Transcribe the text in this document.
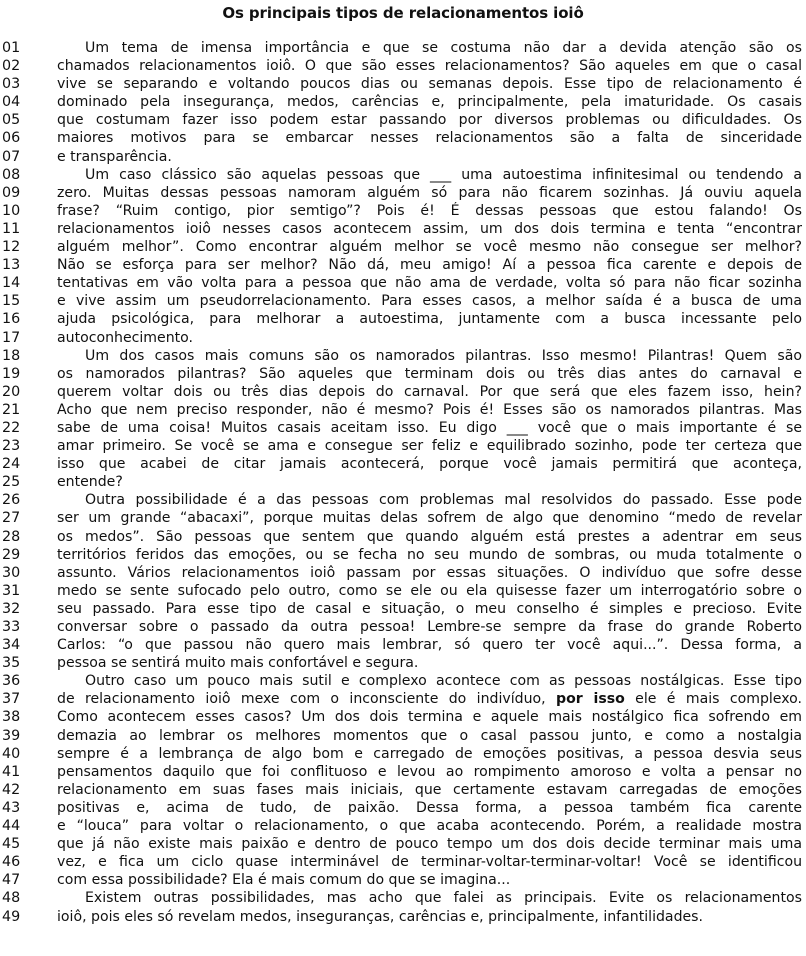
Os principais tipos de relacionamentos ioiô
01	Um tema de imensa importância e que se costuma não dar a devida atenção são os
02	chamados relacionamentos ioiô. O que são esses relacionamentos? São aqueles em que o casal
03	vive se separando e voltando poucos dias ou semanas depois. Esse tipo de relacionamento é
04	dominado pela insegurança, medos, carências e, principalmente, pela imaturidade. Os casais
05	que costumam fazer isso podem estar passando por diversos problemas ou dificuldades. Os
06	maiores motivos para se embarcar nesses relacionamentos são a falta de sinceridade
07	e transparência.
08	Um caso clássico são aquelas pessoas que ___ uma autoestima infinitesimal ou tendendo a
09	zero. Muitas dessas pessoas namoram alguém só para não ficarem sozinhas. Já ouviu aquela
10	frase? “Ruim contigo, pior semtigo”? Pois é! É dessas pessoas que estou falando! Os
11	relacionamentos ioiô nesses casos acontecem assim, um dos dois termina e tenta “encontrar
12	alguém melhor”. Como encontrar alguém melhor se você mesmo não consegue ser melhor?
13	Não se esforça para ser melhor? Não dá, meu amigo! Aí a pessoa fica carente e depois de
14	tentativas em vão volta para a pessoa que não ama de verdade, volta só para não ficar sozinha
15	e vive assim um pseudorrelacionamento. Para esses casos, a melhor saída é a busca de uma
16	ajuda psicológica, para melhorar a autoestima, juntamente com a busca incessante pelo
17	autoconhecimento.
18	Um dos casos mais comuns são os namorados pilantras. Isso mesmo! Pilantras! Quem são
19	os namorados pilantras? São aqueles que terminam dois ou três dias antes do carnaval e
20	querem voltar dois ou três dias depois do carnaval. Por que será que eles fazem isso, hein?
21	Acho que nem preciso responder, não é mesmo? Pois é! Esses são os namorados pilantras. Mas
22	sabe de uma coisa! Muitos casais aceitam isso. Eu digo ___ você que o mais importante é se
23	amar primeiro. Se você se ama e consegue ser feliz e equilibrado sozinho, pode ter certeza que
24	isso que acabei de citar jamais acontecerá, porque você jamais permitirá que aconteça,
25	entende?
26	Outra possibilidade é a das pessoas com problemas mal resolvidos do passado. Esse pode
27	ser um grande “abacaxi”, porque muitas delas sofrem de algo que denomino “medo de revelar
28	os medos”. São pessoas que sentem que quando alguém está prestes a adentrar em seus
29	territórios feridos das emoções, ou se fecha no seu mundo de sombras, ou muda totalmente o
30	assunto. Vários relacionamentos ioiô passam por essas situações. O indivíduo que sofre desse
31	medo se sente sufocado pelo outro, como se ele ou ela quisesse fazer um interrogatório sobre o
32	seu passado. Para esse tipo de casal e situação, o meu conselho é simples e precioso. Evite
33	conversar sobre o passado da outra pessoa! Lembre-se sempre da frase do grande Roberto
34	Carlos: “o que passou não quero mais lembrar, só quero ter você aqui...”. Dessa forma, a
35	pessoa se sentirá muito mais confortável e segura.
36	Outro caso um pouco mais sutil e complexo acontece com as pessoas nostálgicas. Esse tipo
37	de relacionamento ioiô mexe com o inconsciente do indivíduo, por isso ele é mais complexo.
38	Como acontecem esses casos? Um dos dois termina e aquele mais nostálgico fica sofrendo em
39	demazia ao lembrar os melhores momentos que o casal passou junto, e como a nostalgia
40	sempre é a lembrança de algo bom e carregado de emoções positivas, a pessoa desvia seus
41	pensamentos daquilo que foi conflituoso e levou ao rompimento amoroso e volta a pensar no
42	relacionamento em suas fases mais iniciais, que certamente estavam carregadas de emoções
43	positivas e, acima de tudo, de paixão. Dessa forma, a pessoa também fica carente
44	e “louca” para voltar o relacionamento, o que acaba acontecendo. Porém, a realidade mostra
45	que já não existe mais paixão e dentro de pouco tempo um dos dois decide terminar mais uma
46	vez, e fica um ciclo quase interminável de terminar-voltar-terminar-voltar! Você se identificou
47	com essa possibilidade? Ela é mais comum do que se imagina...
48	Existem outras possibilidades, mas acho que falei as principais. Evite os relacionamentos
49	ioiô, pois eles só revelam medos, inseguranças, carências e, principalmente, infantilidades.
